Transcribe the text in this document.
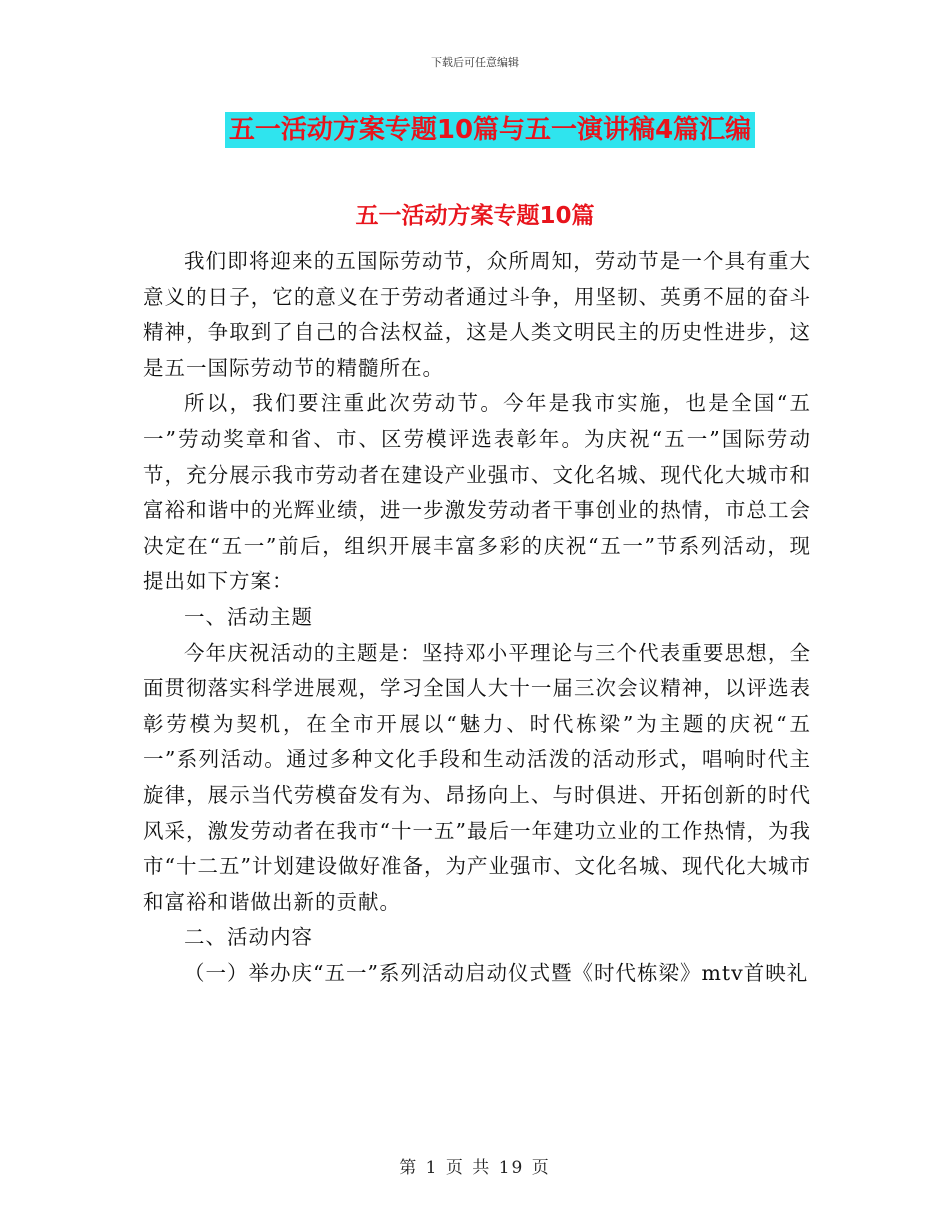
下载后可任意编辑
五一活动方案专题10篇与五一演讲稿4篇汇编
五一活动方案专题10篇

我们即将迎来的五国际劳动节，众所周知，劳动节是一个具有重大意义的日子，它的意义在于劳动者通过斗争，用坚韧、英勇不屈的奋斗精神，争取到了自己的合法权益，这是人类文明民主的历史性进步，这是五一国际劳动节的精髓所在。

所以，我们要注重此次劳动节。今年是我市实施，也是全国“五一”劳动奖章和省、市、区劳模评选表彰年。为庆祝“五一”国际劳动节，充分展示我市劳动者在建设产业强市、文化名城、现代化大城市和富裕和谐中的光辉业绩，进一步激发劳动者干事创业的热情，市总工会决定在“五一”前后，组织开展丰富多彩的庆祝“五一”节系列活动，现提出如下方案：

一、活动主题

今年庆祝活动的主题是：坚持邓小平理论与三个代表重要思想，全面贯彻落实科学进展观，学习全国人大十一届三次会议精神，以评选表彰劳模为契机，在全市开展以“魅力、时代栋梁”为主题的庆祝“五一”系列活动。通过多种文化手段和生动活泼的活动形式，唱响时代主旋律，展示当代劳模奋发有为、昂扬向上、与时俱进、开拓创新的时代风采，激发劳动者在我市“十一五”最后一年建功立业的工作热情，为我市“十二五”计划建设做好准备，为产业强市、文化名城、现代化大城市和富裕和谐做出新的贡献。

二、活动内容

（一）举办庆“五一”系列活动启动仪式暨《时代栋梁》mtv首映礼

第 1 页 共 19 页
